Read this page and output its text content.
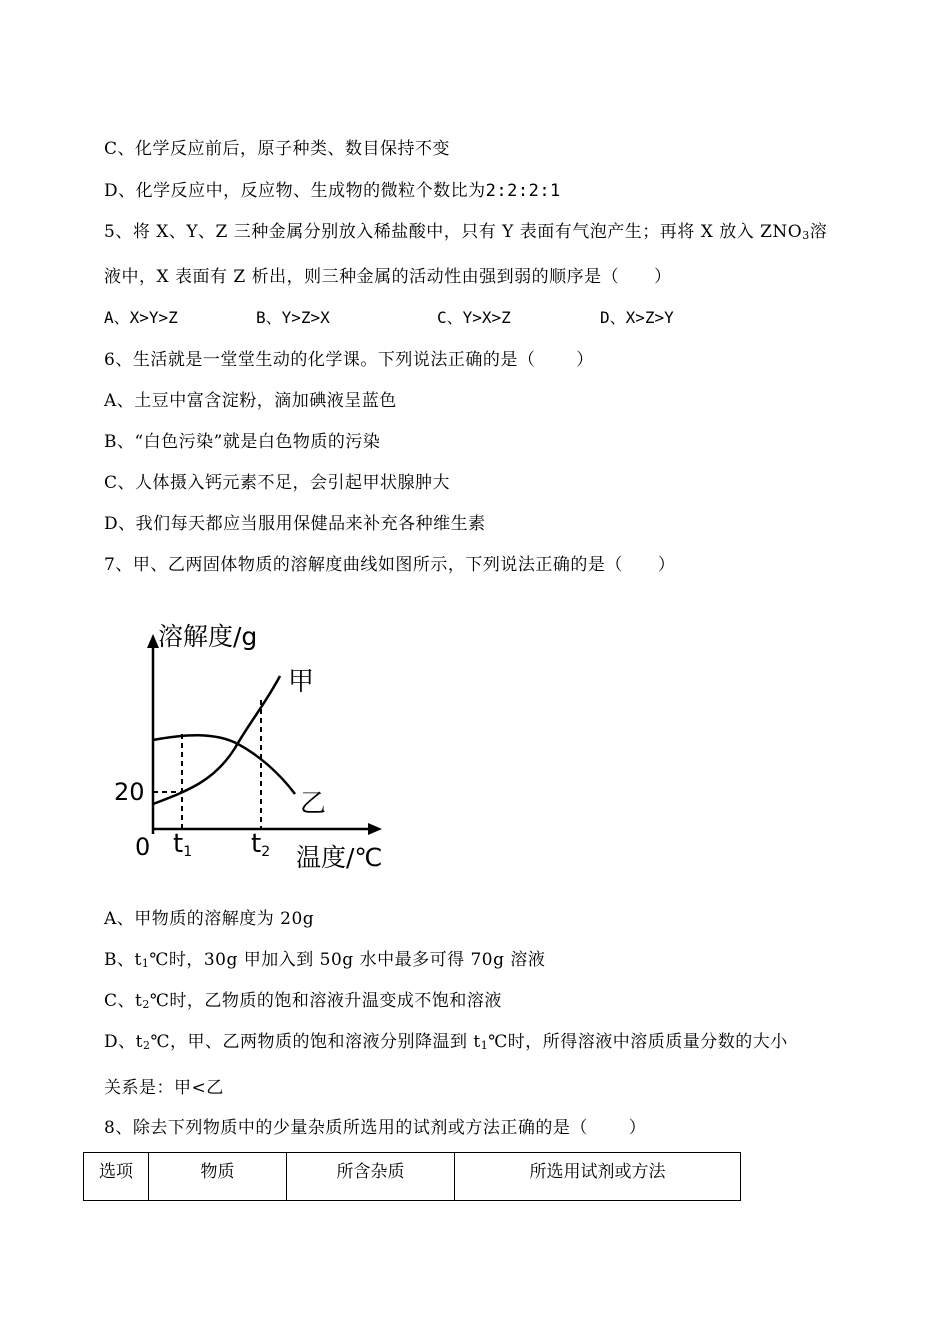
C、化学反应前后，原子种类、数目保持不变
D、化学反应中，反应物、生成物的微粒个数比为2:2:2:1
5、将 X、Y、Z 三种金属分别放入稀盐酸中，只有 Y 表面有气泡产生；再将 X 放入 $ZNO_3$溶
液中，X 表面有 Z 析出，则三种金属的活动性由强到弱的顺序是（　　）
A、X>Y>Z	B、Y>Z>X	C、Y>X>Z	D、X>Z>Y
6、生活就是一堂堂生动的化学课。下列说法正确的是（　　 ）
A、土豆中富含淀粉，滴加碘液呈蓝色
B、“白色污染”就是白色物质的污染
C、人体摄入钙元素不足，会引起甲状腺肿大
D、我们每天都应当服用保健品来补充各种维生素
7、甲、乙两固体物质的溶解度曲线如图所示，下列说法正确的是（　　）
溶解度/g
温度/℃
0
20
t1 t2
甲
乙
A、甲物质的溶解度为 20g
B、$t_1℃$时，30g 甲加入到 50g 水中最多可得 70g 溶液
C、$t_2℃$时，乙物质的饱和溶液升温变成不饱和溶液
D、$t_2℃$，甲、乙两物质的饱和溶液分别降温到 $t_1℃$时，所得溶液中溶质质量分数的大小
关系是：甲<乙
8、除去下列物质中的少量杂质所选用的试剂或方法正确的是（　　 ）
选项	物质	所含杂质	所选用试剂或方法
